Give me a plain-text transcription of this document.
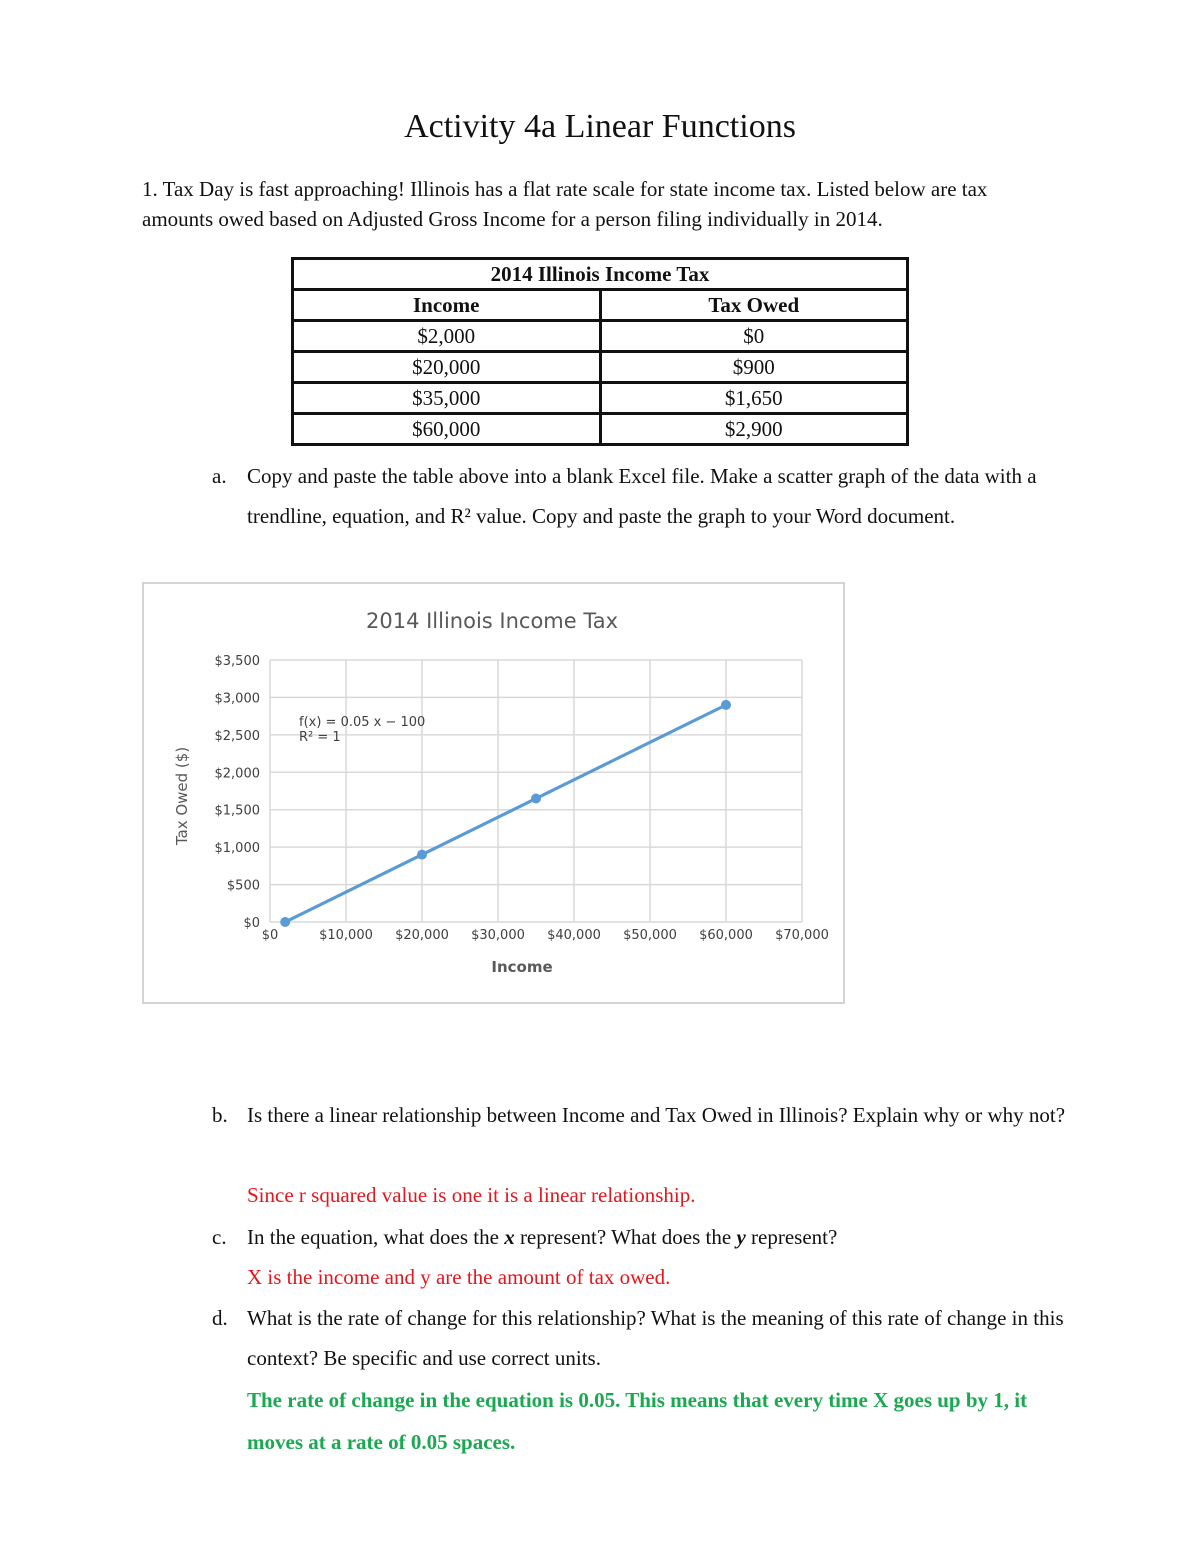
Activity 4a Linear Functions
1. Tax Day is fast approaching! Illinois has a flat rate scale for state income tax. Listed below are tax amounts owed based on Adjusted Gross Income for a person filing individually in 2014.
2014 Illinois Income Tax	
Income	Tax Owed
$2,000	$0
$20,000	$900
$35,000	$1,650
$60,000	$2,900
a. Copy and paste the table above into a blank Excel file. Make a scatter graph of the data with a trendline, equation, and R² value. Copy and paste the graph to your Word document.
2014 Illinois Income Tax
$0
$500
$1,000
$1,500
$2,000
$2,500
$3,000
$3,500
$0	$10,000 $20,000 $30,000 $40,000 $50,000 $60,000 $70,000
f(x) = 0.05 x − 100
R² = 1
Income
Tax Owed ($)
b. Is there a linear relationship between Income and Tax Owed in Illinois? Explain why or why not?
Since r squared value is one it is a linear relationship.
c. In the equation, what does the x represent? What does the y represent?
X is the income and y are the amount of tax owed.
d. What is the rate of change for this relationship? What is the meaning of this rate of change in this context? Be specific and use correct units.
The rate of change in the equation is 0.05. This means that every time X goes up by 1, it moves at a rate of 0.05 spaces.
